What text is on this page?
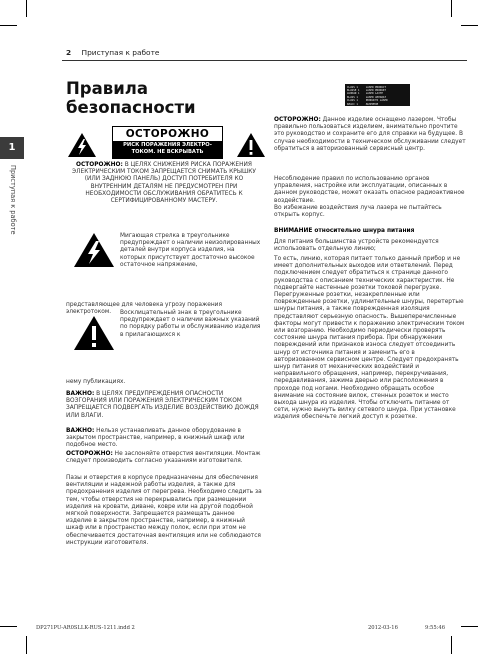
2 Приступая к работе
1
Приступая к работе
Правила
безопасности
ОСТОРОЖНО
РИСК ПОРАЖЕНИЯ ЭЛЕКТРО-
ТОКОМ. НЕ ВСКРЫВАТЬ
ОСТОРОЖНО: В ЦЕЛЯХ СНИЖЕНИЯ РИСКА ПОРАЖЕНИЯ ЭЛЕКТРИЧЕСКИМ ТОКОМ ЗАПРЕЩАЕТСЯ СНИМАТЬ КРЫШКУ (ИЛИ ЗАДНЮЮ ПАНЕЛЬ) ДОСТУП ПОТРЕБИТЕЛЯ КО ВНУТРЕННИМ ДЕТАЛЯМ НЕ ПРЕДУСМОТРЕН ПРИ НЕОБХОДИМОСТИ ОБСЛУЖИВАНИЯ ОБРАТИТЕСЬ К СЕРТИФИЦИРОВАННОМУ МАСТЕРУ.
Мигающая стрелка в треугольнике предупреждает о наличии неизолированных деталей внутри корпуса изделия, на которых присутствует достаточно высокое остаточное напряжение,
представляющее для человека угрозу поражения электротоком.	Восклицательный знак в треугольнике предупреждает о наличии важных указаний по порядку работы и обслуживанию изделия в прилагающихся к
нему публикациях.
ВАЖНО: В ЦЕЛЯХ ПРЕДУПРЕЖДЕНИЯ ОПАСНОСТИ ВОЗГОРАНИЯ ИЛИ ПОРАЖЕНИЯ ЭЛЕКТРИЧЕСКИМ ТОКОМ ЗАПРЕЩАЕТСЯ ПОДВЕРГАТЬ ИЗДЕЛИЕ ВОЗДЕЙСТВИЮ ДОЖДЯ ИЛИ ВЛАГИ.
ВАЖНО: Нельзя устанавливать данное оборудование в закрытом пространстве, например, в книжный шкаф или подобное место.
ОСТОРОЖНО: Не заслоняйте отверстия вентиляции. Монтаж следует производить согласно указаниям изготовителя.
Пазы и отверстия в корпусе предназначены для обеспечения вентиляции и надежной работы изделия, а также для предохранения изделия от перегрева. Необходимо следить за тем, чтобы отверстия не перекрывались при размещении изделия на кровати, диване, ковре или на другой подобной мягкой поверхности. Запрещается размещать данное изделие в закрытом пространстве, например, в книжный шкаф или в пространство между полок, если при этом не обеспечивается достаточная вентиляция или не соблюдаются инструкции изготовителя.
CLASS 1     LASER PRODUCT
KLASSE 1    LASER PRODUKT
LUOKAN 1    LASER LAITE
KLASS 1     LASER APPARAT
CLASS 1     PRODUCTO LÁSER
КЛАСС 1     ЛАЗЕРНОЕ
ОСТОРОЖНО: Данное изделие оснащено лазером. Чтобы правильно пользоваться изделием, внимательно прочтите это руководство и сохраните его для справки на будущее. В случае необходимости в техническом обслуживании следует обратиться в авторизованный сервисный центр.
Несоблюдение правил по использованию органов управления, настройке или эксплуатации, описанных в данном руководстве, может оказать опасное радиоактивное воздействие.
Во избежание воздействия луча лазера не пытайтесь открыть корпус.
ВНИМАНИЕ относительно шнура питания
Для питания большинства устройств рекомендуется использовать отдельную линию;
То есть, линию, которая питает только данный прибор и не имеет дополнительных выходов или ответвлений. Перед подключением следует обратиться к странице данного руководства с описанием технических характеристик. Не подвергайте настенные розетки токовой перегрузке. Перегруженные розетки, незакрепленные или поврежденные розетки, удлинительные шнуры, перетертые шнуры питания, а также поврежденная изоляция представляют серьезную опасность. Вышеперечисленные факторы могут привести к поражению электрическим током или возгоранию. Необходимо периодически проверять состояние шнура питания прибора. При обнаружении повреждений или признаков износа следует отсоединить шнур от источника питания и заменить его в авторизованном сервисном центре. Следует предохранять шнур питания от механических воздействий и неправильного обращения, например, перекручивания, передавливания, зажима дверью или расположения в проходе под ногами. Необходимо обращать особое внимание на состояние вилок, стенных розеток и место выхода шнура из изделия. Чтобы отключить питание от сети, нужно вынуть вилку сетевого шнура. При установке изделия обеспечьте легкий доступ к розетке.
DP271PU-AR0SLLK-RUS-1211.indd 2	2012-03-16	9:55:46
